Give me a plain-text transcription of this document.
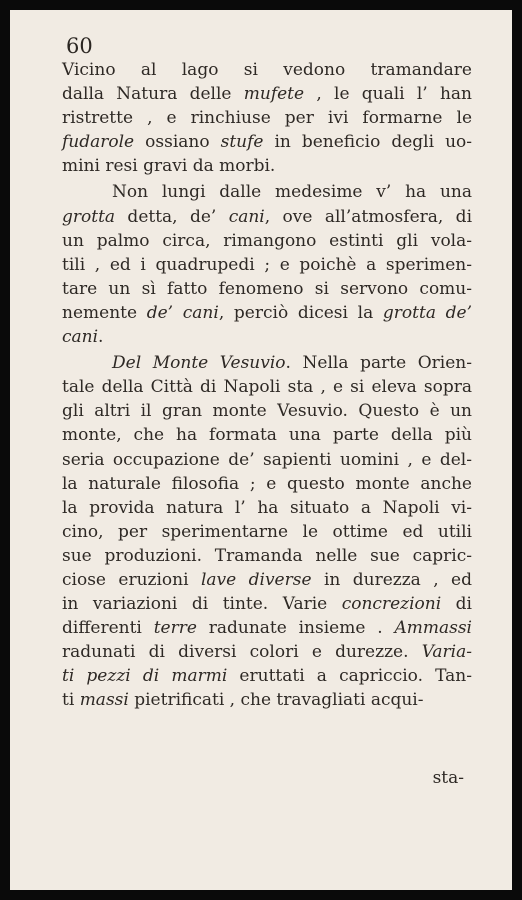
60
Vicino al lago si vedono tramandare
dalla Natura delle mufete , le quali l’ han
ristrette , e rinchiuse per ivi formarne le
fudarole ossiano stufe in beneficio degli uo-
mini resi gravi da morbi.
Non lungi dalle medesime v’ ha una
grotta detta, de’ cani, ove all’atmosfera, di
un palmo circa, rimangono estinti gli vola-
tili , ed i quadrupedi ; e poichè a sperimen-
tare un sì fatto fenomeno si servono comu-
nemente de’ cani, perciò dicesi la grotta de’
cani.
Del Monte Vesuvio. Nella parte Orien-
tale della Città di Napoli sta , e si eleva sopra
gli altri il gran monte Vesuvio. Questo è un
monte, che ha formata una parte della più
seria occupazione de’ sapienti uomini , e del-
la naturale filosofia ; e questo monte anche
la provida natura l’ ha situato a Napoli vi-
cino, per sperimentarne le ottime ed utili
sue produzioni. Tramanda nelle sue capric-
ciose eruzioni lave diverse in durezza , ed
in variazioni di tinte. Varie concrezioni di
differenti terre radunate insieme . Ammassi
radunati di diversi colori e durezze. Varia-
ti pezzi di marmi eruttati a capriccio. Tan-
ti massi pietrificati , che travagliati acqui-
sta-
